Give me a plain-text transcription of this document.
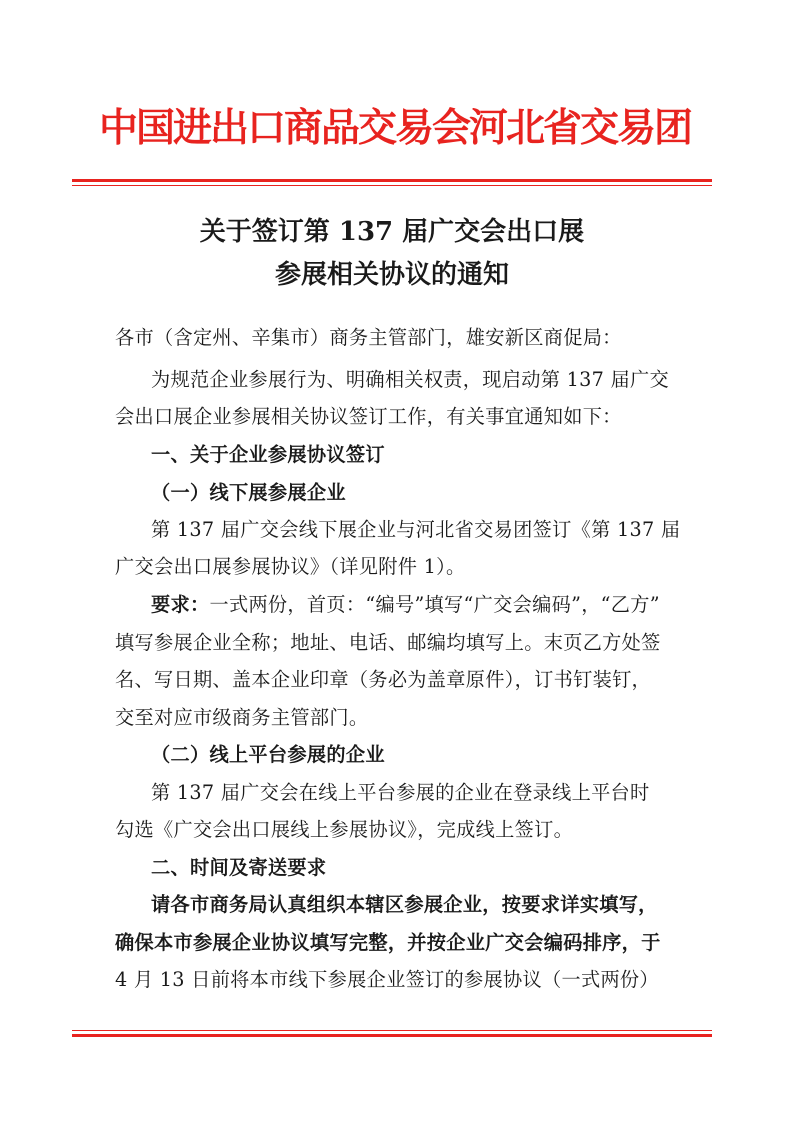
中国进出口商品交易会河北省交易团
关于签订第 137 届广交会出口展
参展相关协议的通知
各市（含定州、辛集市）商务主管部门，雄安新区商促局：
为规范企业参展行为、明确相关权责，现启动第 137 届广交
会出口展企业参展相关协议签订工作，有关事宜通知如下：
一、关于企业参展协议签订
（一）线下展参展企业
第 137 届广交会线下展企业与河北省交易团签订《第 137 届
广交会出口展参展协议》（详见附件 1）。
要求：一式两份，首页：“编号”填写“广交会编码”，“乙方”
填写参展企业全称；地址、电话、邮编均填写上。末页乙方处签
名、写日期、盖本企业印章（务必为盖章原件），订书钉装钉，
交至对应市级商务主管部门。
（二）线上平台参展的企业
第 137 届广交会在线上平台参展的企业在登录线上平台时
勾选《广交会出口展线上参展协议》，完成线上签订。
二、时间及寄送要求
请各市商务局认真组织本辖区参展企业，按要求详实填写，
确保本市参展企业协议填写完整，并按企业广交会编码排序，于
4 月 13 日前将本市线下参展企业签订的参展协议（一式两份）
